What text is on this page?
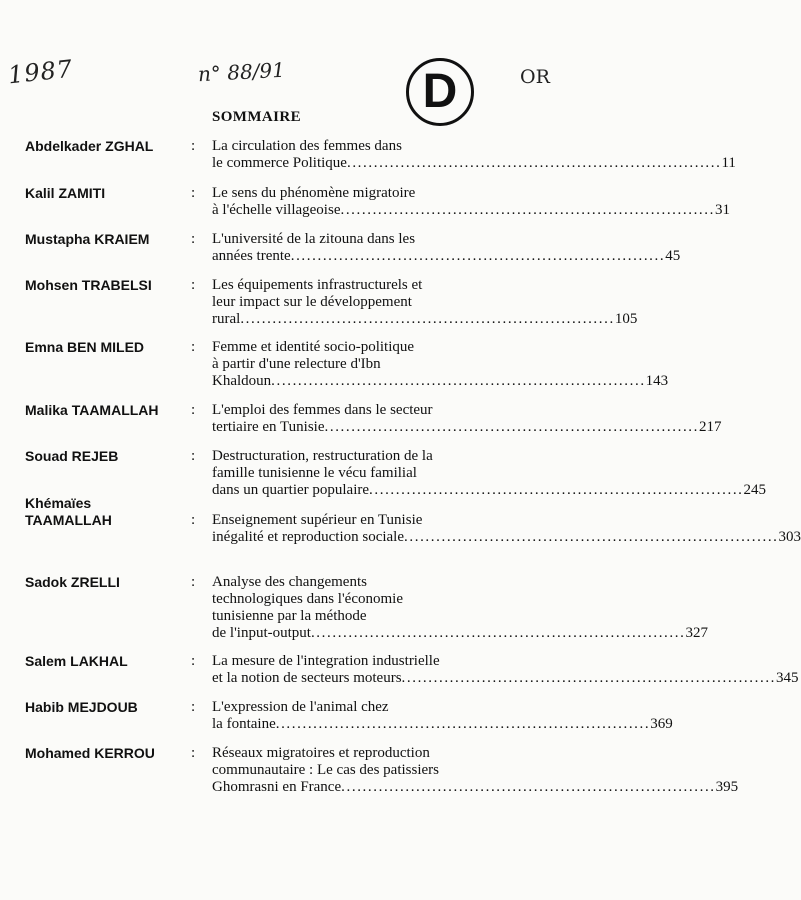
1987	n° 88/91	D	OR
SOMMAIRE
Abdelkader ZGHAL	: La circulation des femmes dans
le commerce Politique ...................................................................... 11
Kalil ZAMITI	: Le sens du phénomène migratoire
à l'échelle villageoise ...................................................................... 31
Mustapha KRAIEM	: L'université de la zitouna dans les
années trente ...................................................................... 45
Mohsen TRABELSI	: Les équipements infrastructurels et
leur impact sur le développement
rural ...................................................................... 105
Emna BEN MILED	: Femme et identité socio-politique
à partir d'une relecture d'Ibn
Khaldoun ...................................................................... 143
Malika TAAMALLAH	: L'emploi des femmes dans le secteur
tertiaire en Tunisie ...................................................................... 217
Souad REJEB	: Destructuration, restructuration de la
famille tunisienne le vécu familial
dans un quartier populaire ...................................................................... 245
Khémaïes TAAMALLAH	: Enseignement supérieur en Tunisie
inégalité et reproduction sociale ...................................................................... 303
Sadok ZRELLI	: Analyse des changements
technologiques dans l'économie
tunisienne par la méthode
de l'input-output ...................................................................... 327
Salem LAKHAL	: La mesure de l'integration industrielle
et la notion de secteurs moteurs ...................................................................... 345
Habib MEJDOUB	: L'expression de l'animal chez
la fontaine ...................................................................... 369
Mohamed KERROU	: Réseaux migratoires et reproduction
communautaire : Le cas des patissiers
Ghomrasni en France ...................................................................... 395
